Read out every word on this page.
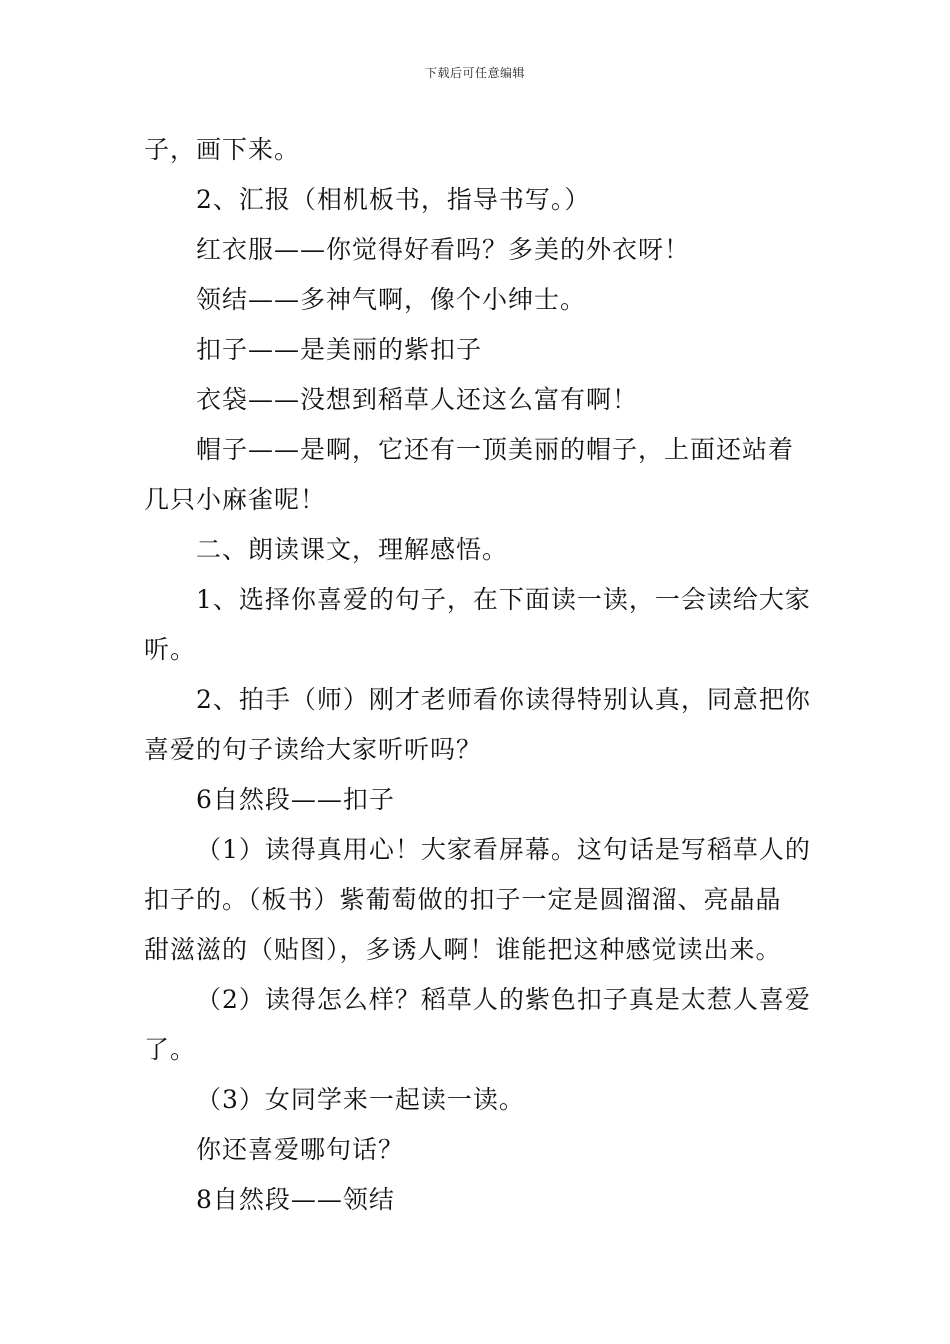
下载后可任意编辑
子，画下来。
2、汇报（相机板书，指导书写。）
红衣服——你觉得好看吗？多美的外衣呀！
领结——多神气啊，像个小绅士。
扣子——是美丽的紫扣子
衣袋——没想到稻草人还这么富有啊！
帽子——是啊，它还有一顶美丽的帽子，上面还站着
几只小麻雀呢！
二、朗读课文，理解感悟。
1、选择你喜爱的句子，在下面读一读，一会读给大家
听。
2、拍手（师）刚才老师看你读得特别认真，同意把你
喜爱的句子读给大家听听吗？
6自然段——扣子
（1）读得真用心！大家看屏幕。这句话是写稻草人的
扣子的。（板书）紫葡萄做的扣子一定是圆溜溜、亮晶晶
甜滋滋的（贴图），多诱人啊！谁能把这种感觉读出来。
（2）读得怎么样？稻草人的紫色扣子真是太惹人喜爱
了。
（3）女同学来一起读一读。
你还喜爱哪句话？
8自然段——领结
